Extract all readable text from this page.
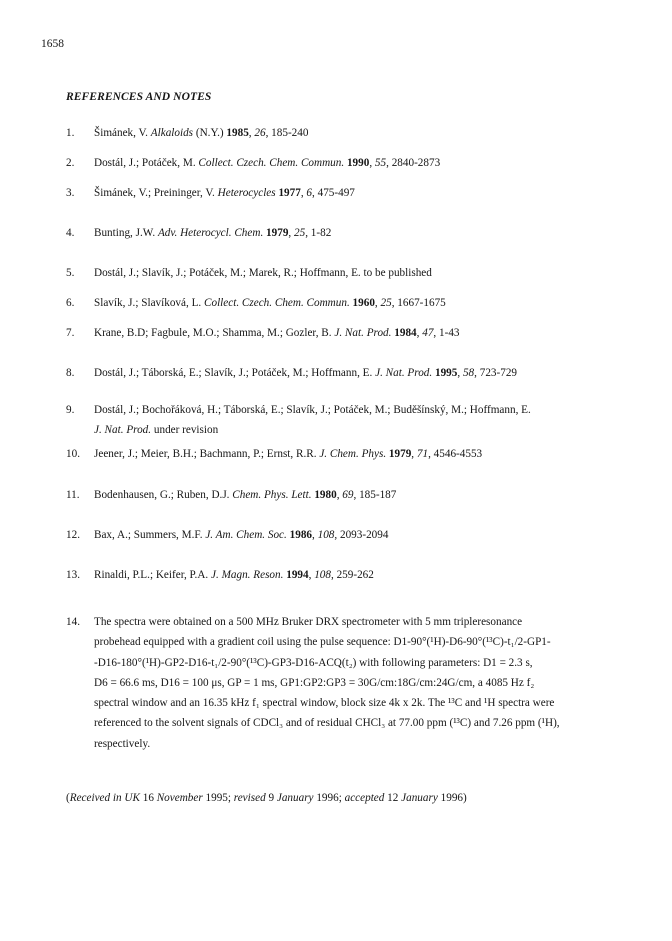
1658
REFERENCES AND NOTES
1. Šimánek, V. Alkaloids (N.Y.) 1985, 26, 185-240
2. Dostál, J.; Potáček, M. Collect. Czech. Chem. Commun. 1990, 55, 2840-2873
3. Šimánek, V.; Preininger, V. Heterocycles 1977, 6, 475-497
4. Bunting, J.W. Adv. Heterocycl. Chem. 1979, 25, 1-82
6. Slavík, J.; Slavíková, L. Collect. Czech. Chem. Commun. 1960, 25, 1667-1675
7. Krane, B.D; Fagbule, M.O.; Shamma, M.; Gozler, B. J. Nat. Prod. 1984, 47, 1-43
8. Dostál, J.; Táborská, E.; Slavík, J.; Potáček, M.; Hoffmann, E. J. Nat. Prod. 1995, 58, 723-729
10. Jeener, J.; Meier, B.H.; Bachmann, P.; Ernst, R.R. J. Chem. Phys. 1979, 71, 4546-4553
11. Bodenhausen, G.; Ruben, D.J. Chem. Phys. Lett. 1980, 69, 185-187
12. Bax, A.; Summers, M.F. J. Am. Chem. Soc. 1986, 108, 2093-2094
13. Rinaldi, P.L.; Keifer, P.A. J. Magn. Reson. 1994, 108, 259-262
5. Dostál, J.; Slavík, J.; Potáček, M.; Marek, R.; Hoffmann, E. to be published
9. Dostál, J.; Bochořáková, H.; Táborská, E.; Slavík, J.; Potáček, M.; Buděšínský, M.; Hoffmann, E.
J. Nat. Prod. under revision
14. The spectra were obtained on a 500 MHz Bruker DRX spectrometer with 5 mm tripleresonance
probehead equipped with a gradient coil using the pulse sequence: D1-90°(¹H)-D6-90°(¹³C)-t₁/2-GP1-
-D16-180°(¹H)-GP2-D16-t₁/2-90°(¹³C)-GP3-D16-ACQ(t₂) with following parameters: D1 = 2.3 s,
D6 = 66.6 ms, D16 = 100 μs, GP = 1 ms, GP1:GP2:GP3 = 30G/cm:18G/cm:24G/cm, a 4085 Hz f₂
spectral window and an 16.35 kHz f₁ spectral window, block size 4k x 2k. The ¹³C and ¹H spectra were
referenced to the solvent signals of CDCl₃ and of residual CHCl₃ at 77.00 ppm (¹³C) and 7.26 ppm (¹H),
respectively.
(Received in UK 16 November 1995; revised 9 January 1996; accepted 12 January 1996)
